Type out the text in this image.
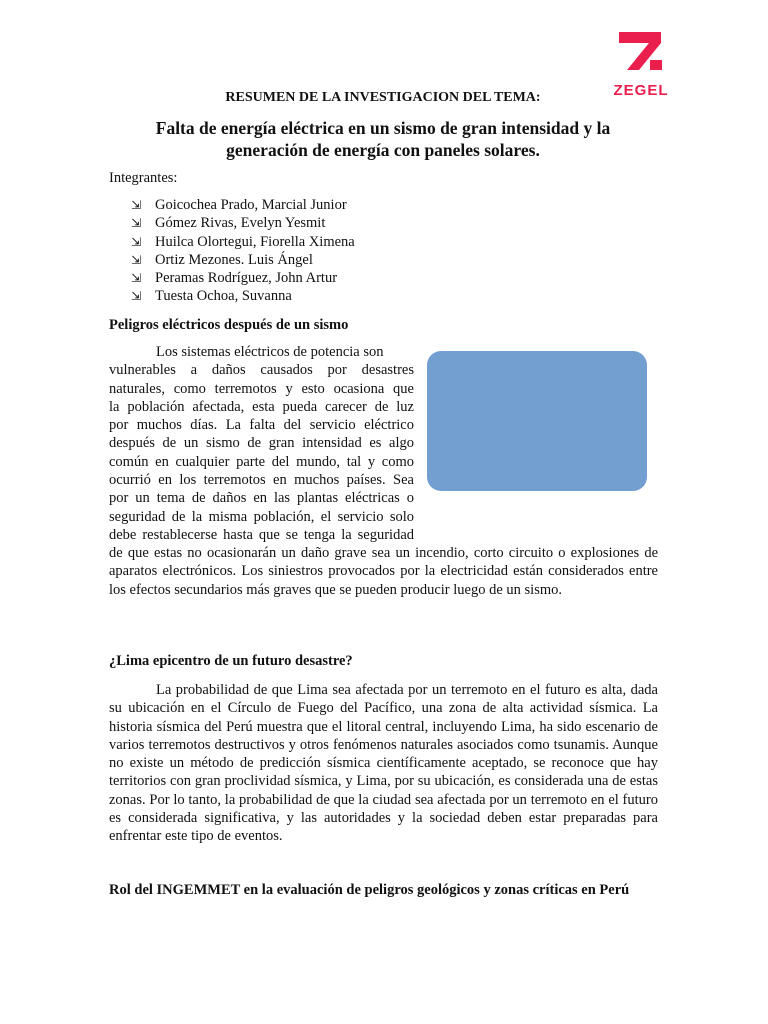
ZEGEL
RESUMEN DE LA INVESTIGACION DEL TEMA:
Falta de energía eléctrica en un sismo de gran intensidad y la
generación de energía con paneles solares.
Integrantes:
⇲ Goicochea Prado, Marcial Junior
⇲ Gómez Rivas, Evelyn Yesmit
⇲ Huilca Olortegui, Fiorella Ximena
⇲ Ortiz Mezones. Luis Ángel
⇲ Peramas Rodríguez, John Artur
⇲ Tuesta Ochoa, Suvanna
Peligros eléctricos después de un sismo
Los sistemas eléctricos de potencia son
vulnerables a daños causados por desastres
naturales, como terremotos y esto ocasiona que
la población afectada, esta pueda carecer de luz
por muchos días. La falta del servicio eléctrico
después de un sismo de gran intensidad es algo
común en cualquier parte del mundo, tal y como
ocurrió en los terremotos en muchos países. Sea
por un tema de daños en las plantas eléctricas o
seguridad de la misma población, el servicio solo
debe restablecerse hasta que se tenga la seguridad
de que estas no ocasionarán un daño grave sea un incendio, corto circuito o explosiones de aparatos electrónicos. Los siniestros provocados por la electricidad están considerados entre los efectos secundarios más graves que se pueden producir luego de un sismo.
¿Lima epicentro de un futuro desastre?
La probabilidad de que Lima sea afectada por un terremoto en el futuro es alta, dada su ubicación en el Círculo de Fuego del Pacífico, una zona de alta actividad sísmica. La historia sísmica del Perú muestra que el litoral central, incluyendo Lima, ha sido escenario de varios terremotos destructivos y otros fenómenos naturales asociados como tsunamis. Aunque no existe un método de predicción sísmica científicamente aceptado, se reconoce que hay territorios con gran proclividad sísmica, y Lima, por su ubicación, es considerada una de estas zonas. Por lo tanto, la probabilidad de que la ciudad sea afectada por un terremoto en el futuro es considerada significativa, y las autoridades y la sociedad deben estar preparadas para enfrentar este tipo de eventos.
Rol del INGEMMET en la evaluación de peligros geológicos y zonas críticas en Perú
